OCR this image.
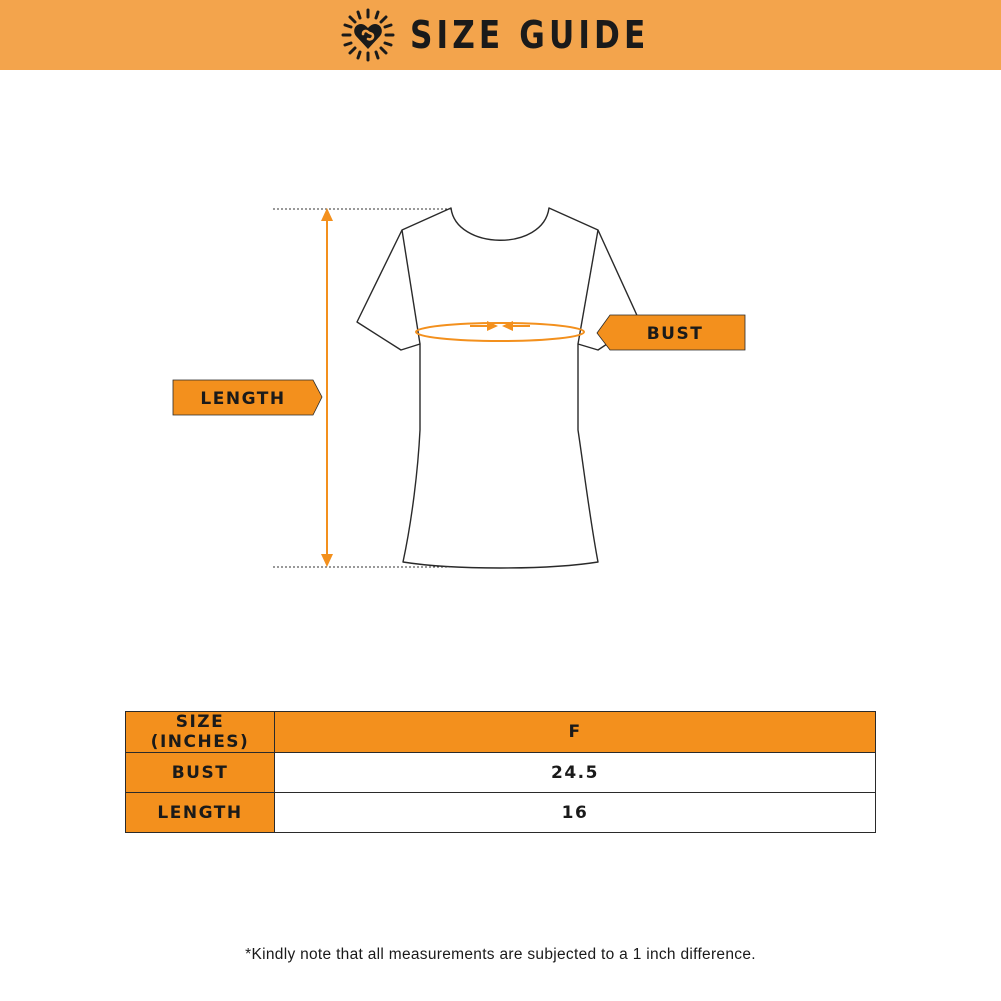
SIZE GUIDE
LENGTH
BUST
SIZE (INCHES)	F
BUST	24.5
LENGTH	16
*Kindly note that all measurements are subjected to a 1 inch difference.
